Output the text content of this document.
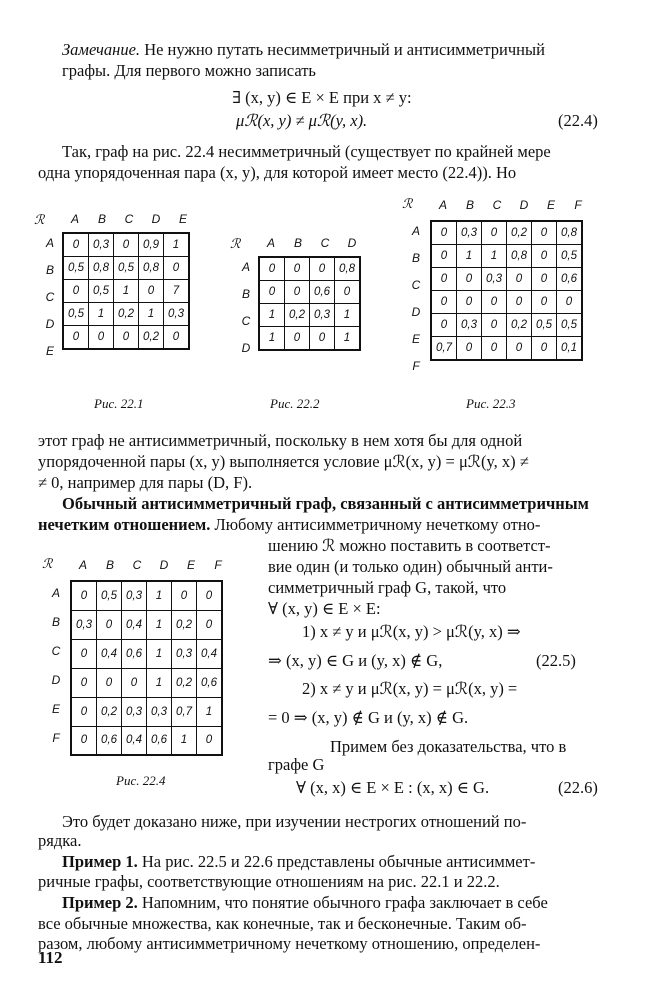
Замечание. Не нужно путать несимметричный и антисимметричный
графы. Для первого можно записать
∃ (x, y) ∈ E × E при x ≠ y:
μℛ(x, y) ≠ μℛ(y, x).	(22.4)
Так, граф на рис. 22.4 несимметричный (существует по крайней мере
одна упорядоченная пара (x, y), для которой имеет место (22.4)). Но
ℛ	A	B	C	D	E
A
B
C
D
E
0	0,3	0	0,9	1
0,5	0,8	0,5	0,8	0
0	0,5	1	0	7
0,5	1	0,2	1	0,3
0	0	0	0,2	0
Рис. 22.1
ℛ	A	B	C	D
A
B
C
D
0	0	0	0,8
0	0	0,6	0
1	0,2	0,3	1
1	0	0	1
Рис. 22.2
ℛ	A	B	C	D	E	F
A
B
C
D
E
F
0	0,3	0	0,2	0	0,8
0	1	1	0,8	0	0,5
0	0	0,3	0	0	0,6
0	0	0	0	0	0
0	0,3	0	0,2	0,5	0,5
0,7	0	0	0	0	0,1
Рис. 22.3
этот граф не антисимметричный, поскольку в нем хотя бы для одной
упорядочeнной пары (x, y) выполняется условие μℛ(x, y) = μℛ(y, x) ≠
≠ 0, например для пары (D, F).
Обычный антисимметричный граф, связанный с антисимметричным
нечетким отношением. Любому антисимметричному нечеткому отно-
ℛ	A	B	C	D	E	F
A
B
C
D
E
F
0	0,5	0,3	1	0	0
0,3	0	0,4	1	0,2	0
0	0,4	0,6	1	0,3	0,4
0	0	0	1	0,2	0,6
0	0,2	0,3	0,3	0,7	1
0	0,6	0,4	0,6	1	0
Рис. 22.4
шению ℛ можно поставить в соответст-
вие один (и только один) обычный анти-
симметричный граф G, такой, что
∀ (x, y) ∈ E × E:
1) x ≠ y и μℛ(x, y) > μℛ(y, x) ⇒
⇒ (x, y) ∈ G и (y, x) ∉ G,	(22.5)
2) x ≠ y и μℛ(x, y) = μℛ(x, y) =
= 0 ⇒ (x, y) ∉ G и (y, x) ∉ G.
Примем без доказательства, что в
графе G
∀ (x, x) ∈ E × E : (x, x) ∈ G.	(22.6)
Это будет доказано ниже, при изучении нестрогих отношений по-
рядка.
Пример 1. На рис. 22.5 и 22.6 представлены обычные антисиммет-
ричные графы, соответствующие отношениям на рис. 22.1 и 22.2.
Пример 2. Напомним, что понятие обычного графа заключает в себе
все обычные множества, как конечные, так и бесконечные. Таким об-
разом, любому антисимметричному нечеткому отношению, определен-
112
